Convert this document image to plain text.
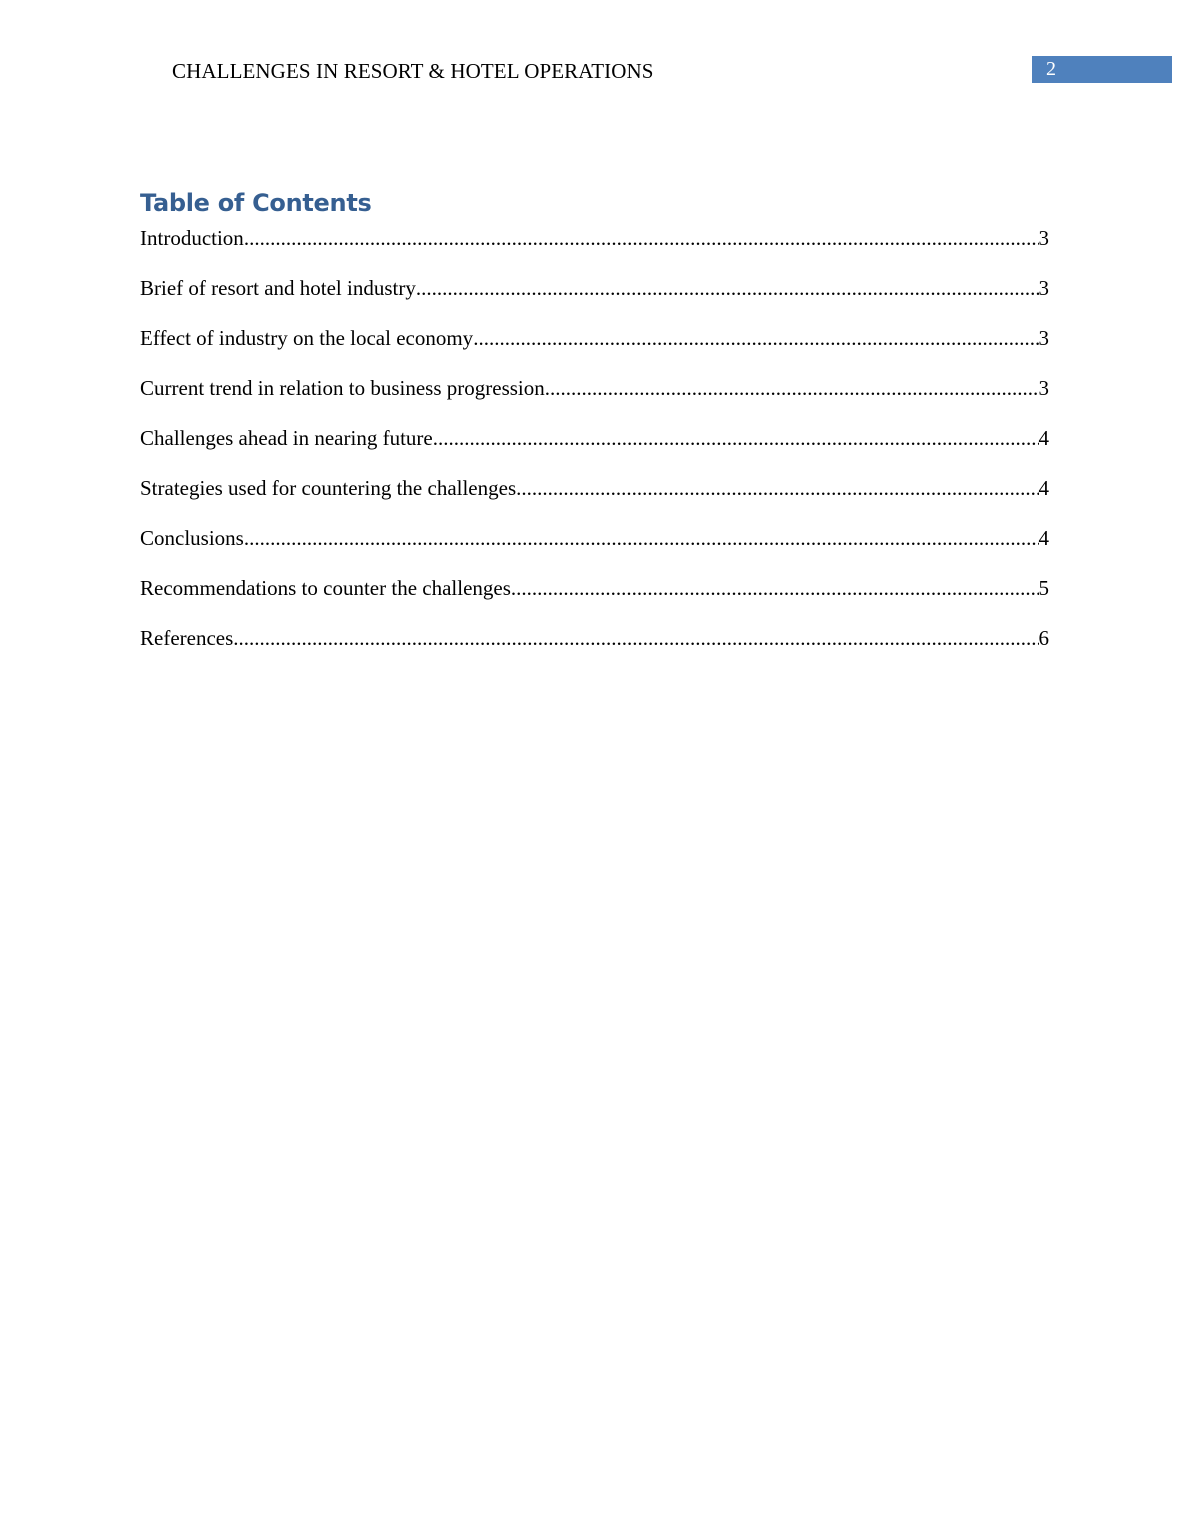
CHALLENGES IN RESORT & HOTEL OPERATIONS	2
Table of Contents
Introduction .....	3
Brief of resort and hotel industry .....	3
Effect of industry on the local economy .....	3
Current trend in relation to business progression .....	3
Challenges ahead in nearing future .....	4
Strategies used for countering the challenges .....	4
Conclusions .....	4
Recommendations to counter the challenges .....	5
References .....	6
